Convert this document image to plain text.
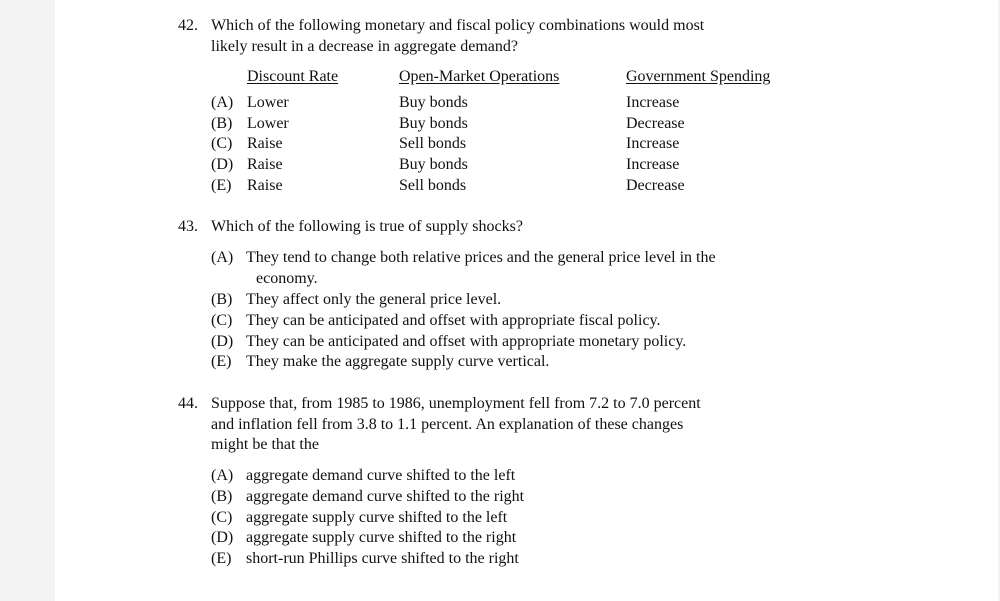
42. Which of the following monetary and fiscal policy combinations would most
likely result in a decrease in aggregate demand?
Discount Rate	Open-Market Operations	Government Spending
(A) Lower	Buy bonds	Increase
(B) Lower	Buy bonds	Decrease
(C) Raise	Sell bonds	Increase
(D) Raise	Buy bonds	Increase
(E) Raise	Sell bonds	Decrease
43. Which of the following is true of supply shocks?
(A) They tend to change both relative prices and the general price level in the
economy.
(B) They affect only the general price level.
(C) They can be anticipated and offset with appropriate fiscal policy.
(D) They can be anticipated and offset with appropriate monetary policy.
(E) They make the aggregate supply curve vertical.
44. Suppose that, from 1985 to 1986, unemployment fell from 7.2 to 7.0 percent
and inflation fell from 3.8 to 1.1 percent. An explanation of these changes
might be that the
(A) aggregate demand curve shifted to the left
(B) aggregate demand curve shifted to the right
(C) aggregate supply curve shifted to the left
(D) aggregate supply curve shifted to the right
(E) short-run Phillips curve shifted to the right
